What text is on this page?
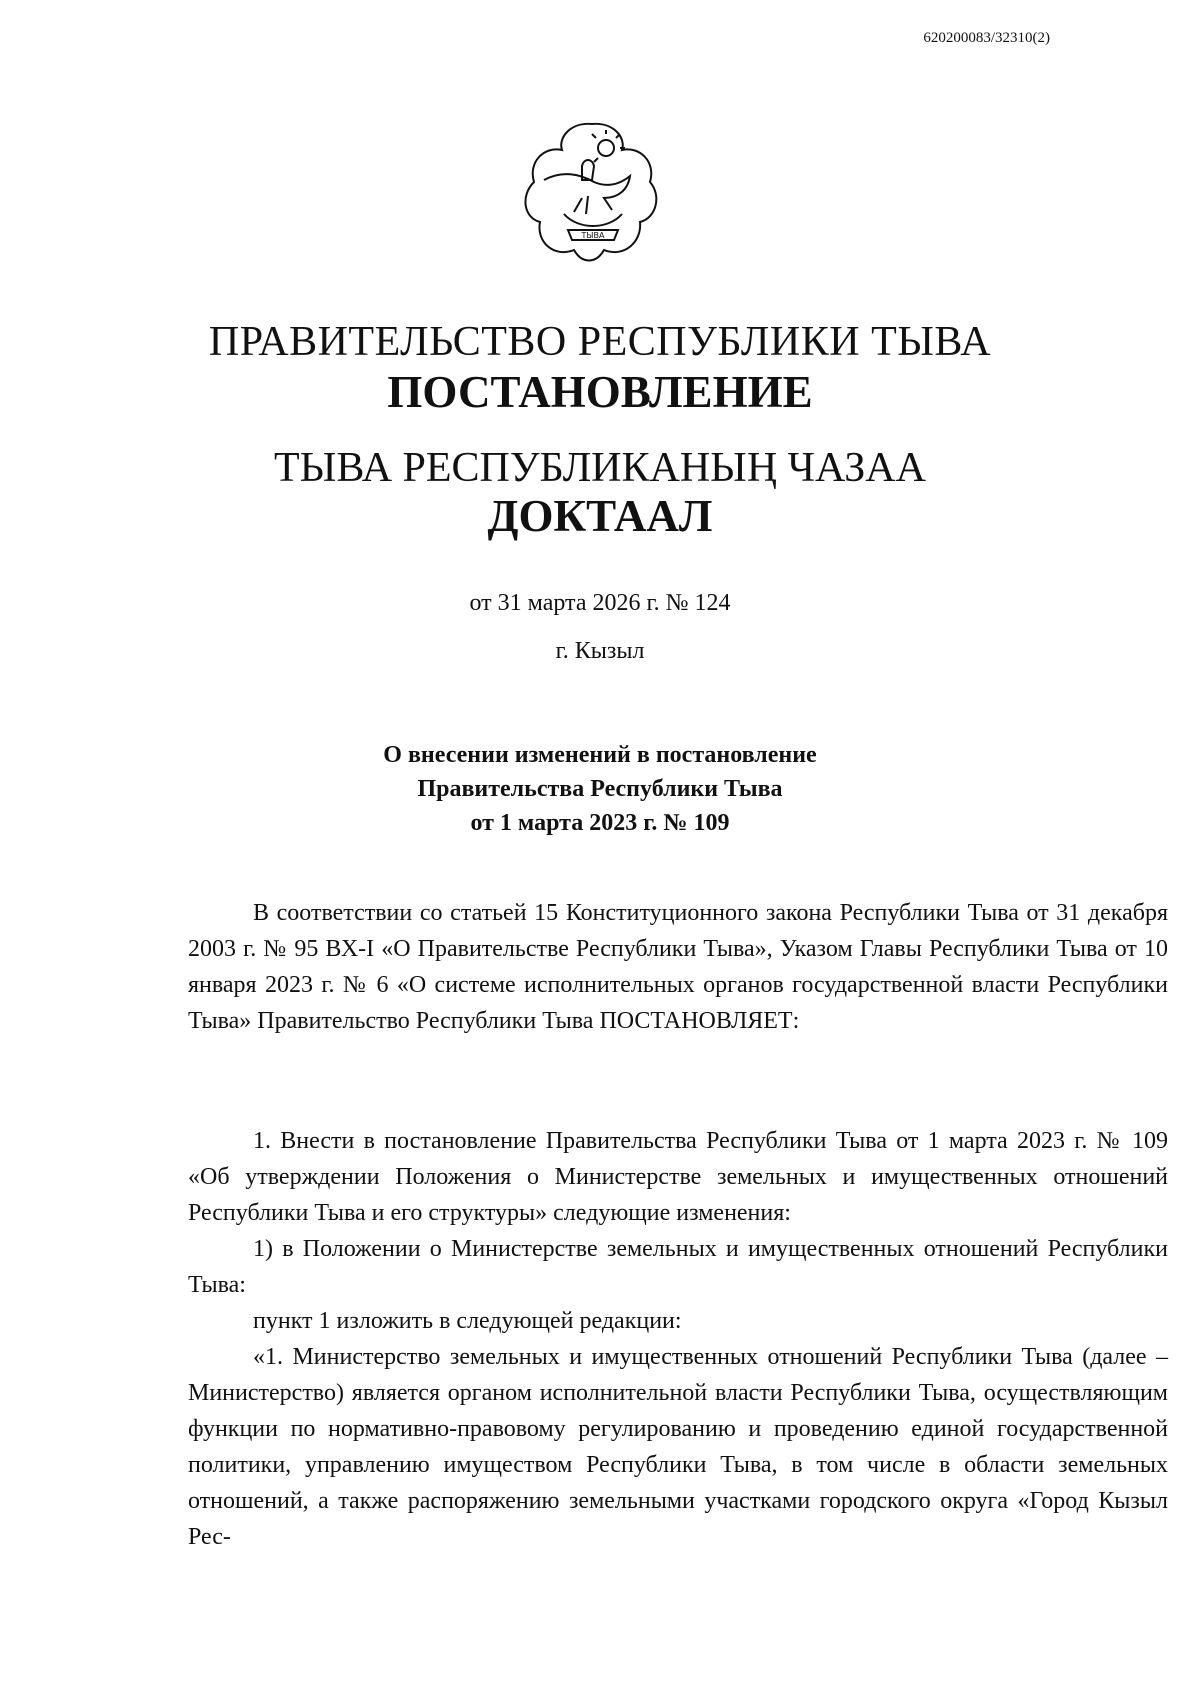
620200083/32310(2)
ТЫВА
ПРАВИТЕЛЬСТВО РЕСПУБЛИКИ ТЫВА
ПОСТАНОВЛЕНИЕ
ТЫВА РЕСПУБЛИКАНЫҢ ЧАЗАА
ДОКТААЛ
от 31 марта 2026 г. № 124
г. Кызыл
О внесении изменений в постановление
Правительства Республики Тыва
от 1 марта 2023 г. № 109

В соответствии со статьей 15 Конституционного закона Республики Тыва от 31 декабря 2003 г. № 95 ВХ-I «О Правительстве Республики Тыва», Указом Главы Республики Тыва от 10 января 2023 г. № 6 «О системе исполнительных органов государственной власти Республики Тыва» Правительство Республики Тыва ПОСТАНОВЛЯЕТ:

1. Внести в постановление Правительства Республики Тыва от 1 марта 2023 г. № 109 «Об утверждении Положения о Министерстве земельных и имущественных отношений Республики Тыва и его структуры» следующие изменения:

1) в Положении о Министерстве земельных и имущественных отношений Республики Тыва:

пункт 1 изложить в следующей редакции:

«1. Министерство земельных и имущественных отношений Республики Тыва (далее – Министерство) является органом исполнительной власти Республики Тыва, осуществляющим функции по нормативно-правовому регулированию и проведению единой государственной политики, управлению имуществом Республики Тыва, в том числе в области земельных отношений, а также распоряжению земельными участками городского округа «Город Кызыл Рес-
